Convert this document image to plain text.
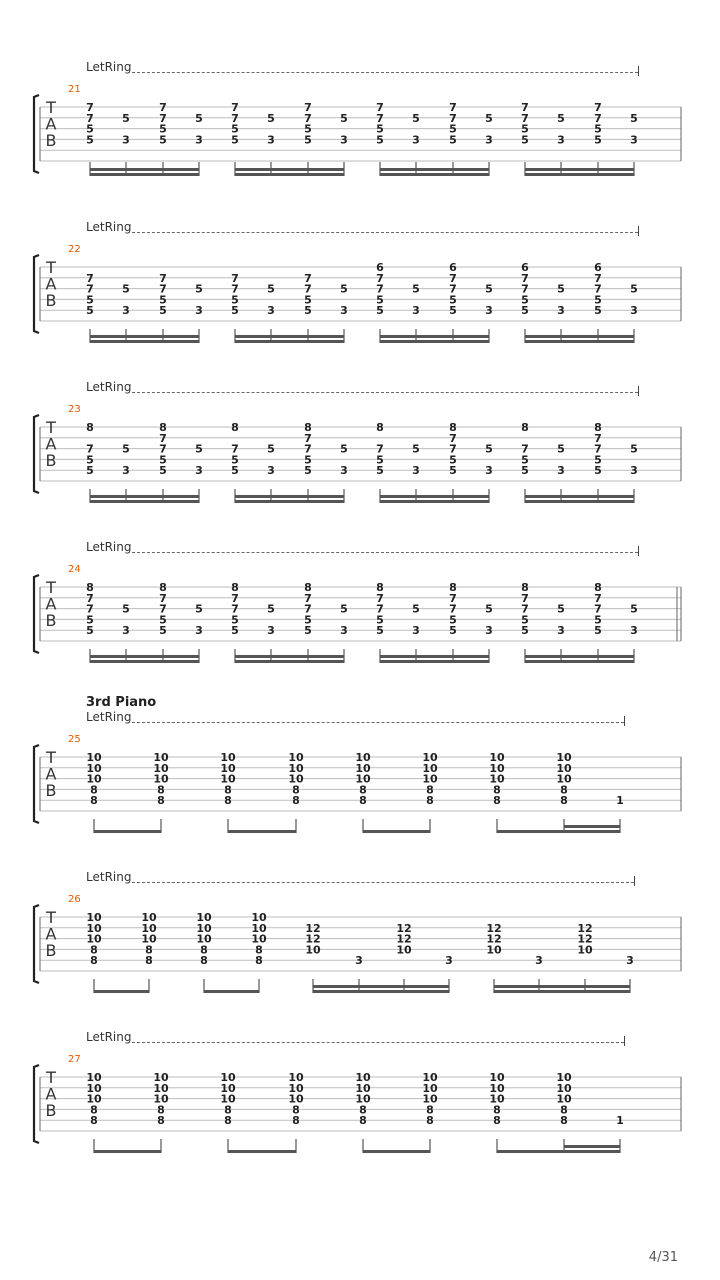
LetRing
21
T
A
B
7
7
5
5
5
3
7
7
5
5
5
3
7
7
5
5
5
3
7
7
5
5
5
3
7
7
5
5
5
3
7
7
5
5
5
3
7
7
5
5
5
3
7
7
5
5
5
3
LetRing
22
T
A
B
7
7
5
5
5
3
7
7
5
5
5
3
7
7
5
5
5
3
7
7
5
5
5
3
6
7
7
5
5
5
3
6
7
7
5
5
5
3
6
7
7
5
5
5
3
6
7
7
5
5
5
3
LetRing
23
T
A
B
8
7
5
5
5
3
8
7
7
5
5
5
3
8
7
5
5
5
3
8
7
7
5
5
5
3
8
7
5
5
5
3
8
7
7
5
5
5
3
8
7
5
5
5
3
8
7
7
5
5
5
3
LetRing
24
T
A
B
8
7
7
5
5
5
3
8
7
7
5
5
5
3
8
7
7
5
5
5
3
8
7
7
5
5
5
3
8
7
7
5
5
5
3
8
7
7
5
5
5
3
8
7
7
5
5
5
3
8
7
7
5
5
5
3
LetRing
25
T
A
B
10
10
10
8
8
10
10
10
8
8
10
10
10
8
8
10
10
10
8
8
10
10
10
8
8
10
10
10
8
8
10
10
10
8
8
10
10
10
8
8	1
LetRing
26
T
A
B
10
10
10
8
8
10
10
10
8
8
10
10
10
8
8
10
10
10
8
8
12
12
10
3
12
12
10
3
12
12
10
3
12
12
10
3
LetRing
27
T
A
B
10
10
10
8
8
10
10
10
8
8
10
10
10
8
8
10
10
10
8
8
10
10
10
8
8
10
10
10
8
8
10
10
10
8
8
10
10
10
8
8	1
3rd Piano
4/31
